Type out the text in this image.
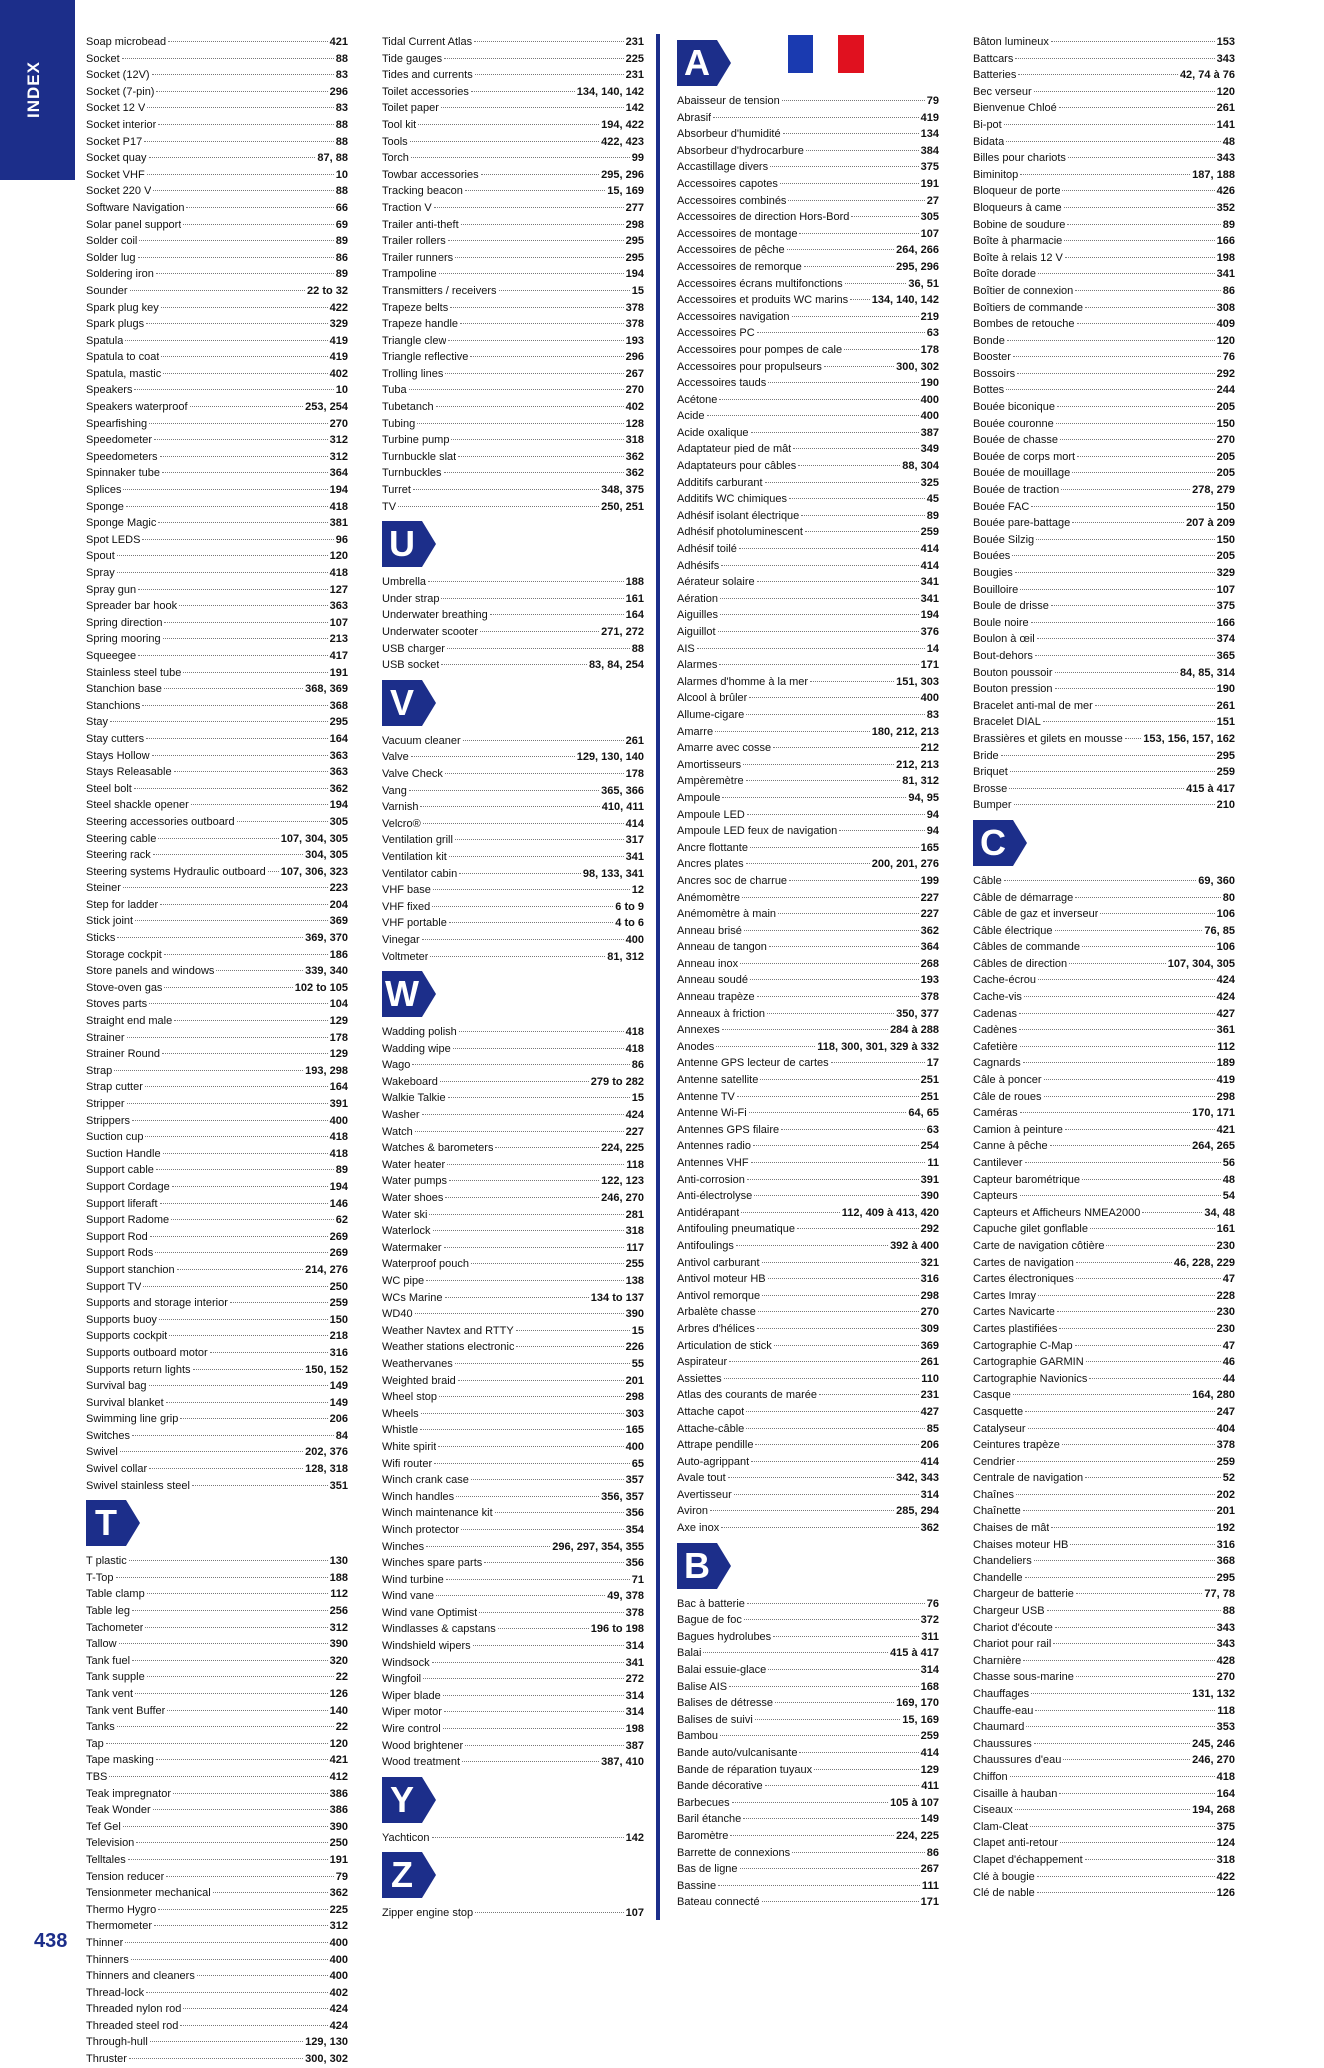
INDEX
Soap microbead	421
Socket	88
Socket (12V)	83
Socket (7-pin)	296
Socket 12 V	83
Socket interior	88
Socket P17	88
Socket quay	87, 88
Socket VHF	10
Socket 220 V	88
Software Navigation	66
Solar panel support	69
Solder coil	89
Solder lug	86
Soldering iron	89
Sounder	22 to 32
Spark plug key	422
Spark plugs	329
Spatula	419
Spatula to coat	419
Spatula, mastic	402
Speakers	10
Speakers waterproof	253, 254
Spearfishing	270
Speedometer	312
Speedometers	312
Spinnaker tube	364
Splices	194
Sponge	418
Sponge Magic	381
Spot LEDS	96
Spout	120
Spray	418
Spray gun	127
Spreader bar hook	363
Spring direction	107
Spring mooring	213
Squeegee	417
Stainless steel tube	191
Stanchion base	368, 369
Stanchions	368
Stay	295
Stay cutters	164
Stays Hollow	363
Stays Releasable	363
Steel bolt	362
Steel shackle opener	194
Steering accessories outboard	305
Steering cable	107, 304, 305
Steering rack	304, 305
Steering systems Hydraulic outboard 107, 306, 323
Steiner	223
Step for ladder	204
Stick joint	369
Sticks	369, 370
Storage cockpit	186
Store panels and windows	339, 340
Stove-oven gas	102 to 105
Stoves parts	104
Straight end male	129
Strainer	178
Strainer Round	129
Strap	193, 298
Strap cutter	164
Stripper	391
Strippers	400
Suction cup	418
Suction Handle	418
Support cable	89
Support Cordage	194
Support liferaft	146
Support Radome	62
Support Rod	269
Support Rods	269
Support stanchion	214, 276
Support TV	250
Supports and storage interior	259
Supports buoy	150
Supports cockpit	218
Supports outboard motor	316
Supports return lights	150, 152
Survival bag	149
Survival blanket	149
Swimming line grip	206
Switches	84
Swivel	202, 376
Swivel collar	128, 318
Swivel stainless steel	351
T
T plastic	130
T-Top	188
Table clamp	112
Table leg	256
Tachometer	312
Tallow	390
Tank fuel	320
Tank supple	22
Tank vent	126
Tank vent Buffer	140
Tanks	22
Tap	120
Tape masking	421
TBS	412
Teak impregnator	386
Teak Wonder	386
Tef Gel	390
Television	250
Telltales	191
Tension reducer	79
Tensionmeter mechanical	362
Thermo Hygro	225
Thermometer	312
Thinner	400
Thinners	400
Thinners and cleaners	400
Thread-lock	402
Threaded nylon rod	424
Threaded steel rod	424
Through-hull	129, 130
Thruster	300, 302
Tidal Current Atlas	231
Tide gauges	225
Tides and currents	231
Toilet accessories	134, 140, 142
Toilet paper	142
Tool kit	194, 422
Tools	422, 423
Torch	99
Towbar accessories	295, 296
Tracking beacon	15, 169
Traction V	277
Trailer anti-theft	298
Trailer rollers	295
Trailer runners	295
Trampoline	194
Transmitters / receivers	15
Trapeze belts	378
Trapeze handle	378
Triangle clew	193
Triangle reflective	296
Trolling lines	267
Tuba	270
Tubetanch	402
Tubing	128
Turbine pump	318
Turnbuckle slat	362
Turnbuckles	362
Turret	348, 375
TV	250, 251
U
Umbrella	188
Under strap	161
Underwater breathing	164
Underwater scooter	271, 272
USB charger	88
USB socket	83, 84, 254
V
Vacuum cleaner	261
Valve	129, 130, 140
Valve Check	178
Vang	365, 366
Varnish	410, 411
Velcro®	414
Ventilation grill	317
Ventilation kit	341
Ventilator cabin	98, 133, 341
VHF base	12
VHF fixed	6 to 9
VHF portable	4 to 6
Vinegar	400
Voltmeter	81, 312
W
Wadding polish	418
Wadding wipe	418
Wago	86
Wakeboard	279 to 282
Walkie Talkie	15
Washer	424
Watch	227
Watches & barometers	224, 225
Water heater	118
Water pumps	122, 123
Water shoes	246, 270
Water ski	281
Waterlock	318
Watermaker	117
Waterproof pouch	255
WC pipe	138
WCs Marine	134 to 137
WD40	390
Weather Navtex and RTTY	15
Weather stations electronic	226
Weathervanes	55
Weighted braid	201
Wheel stop	298
Wheels	303
Whistle	165
White spirit	400
Wifi router	65
Winch crank case	357
Winch handles	356, 357
Winch maintenance kit	356
Winch protector	354
Winches	296, 297, 354, 355
Winches spare parts	356
Wind turbine	71
Wind vane	49, 378
Wind vane Optimist	378
Windlasses & capstans	196 to 198
Windshield wipers	314
Windsock	341
Wingfoil	272
Wiper blade	314
Wiper motor	314
Wire control	198
Wood brightener	387
Wood treatment	387, 410
Y
Yachticon	142
Z
Zipper engine stop	107
A
Abaisseur de tension	79
Abrasif	419
Absorbeur d'humidité	134
Absorbeur d'hydrocarbure	384
Accastillage divers	375
Accessoires capotes	191
Accessoires combinés	27
Accessoires de direction Hors-Bord	305
Accessoires de montage	107
Accessoires de pêche	264, 266
Accessoires de remorque	295, 296
Accessoires écrans multifonctions	36, 51
Accessoires et produits WC marins 134, 140, 142
Accessoires navigation	219
Accessoires PC	63
Accessoires pour pompes de cale	178
Accessoires pour propulseurs	300, 302
Accessoires tauds	190
Acétone	400
Acide	400
Acide oxalique	387
Adaptateur pied de mât	349
Adaptateurs pour câbles	88, 304
Additifs carburant	325
Additifs WC chimiques	45
Adhésif isolant électrique	89
Adhésif photoluminescent	259
Adhésif toilé	414
Adhésifs	414
Aérateur solaire	341
Aération	341
Aiguilles	194
Aiguillot	376
AIS	14
Alarmes	171
Alarmes d'homme à la mer	151, 303
Alcool à brûler	400
Allume-cigare	83
Amarre	180, 212, 213
Amarre avec cosse	212
Amortisseurs	212, 213
Ampèremètre	81, 312
Ampoule	94, 95
Ampoule LED	94
Ampoule LED feux de navigation	94
Ancre flottante	165
Ancres plates	200, 201, 276
Ancres soc de charrue	199
Anémomètre	227
Anémomètre à main	227
Anneau brisé	362
Anneau de tangon	364
Anneau inox	268
Anneau soudé	193
Anneau trapèze	378
Anneaux à friction	350, 377
Annexes	284 à 288
Anodes	118, 300, 301, 329 à 332
Antenne GPS lecteur de cartes	17
Antenne satellite	251
Antenne TV	251
Antenne Wi-Fi	64, 65
Antennes GPS filaire	63
Antennes radio	254
Antennes VHF	11
Anti-corrosion	391
Anti-électrolyse	390
Antidérapant	112, 409 à 413, 420
Antifouling pneumatique	292
Antifoulings	392 à 400
Antivol carburant	321
Antivol moteur HB	316
Antivol remorque	298
Arbalète chasse	270
Arbres d'hélices	309
Articulation de stick	369
Aspirateur	261
Assiettes	110
Atlas des courants de marée	231
Attache capot	427
Attache-câble	85
Attrape pendille	206
Auto-agrippant	414
Avale tout	342, 343
Avertisseur	314
Aviron	285, 294
Axe inox	362
B
Bac à batterie	76
Bague de foc	372
Bagues hydrolubes	311
Balai	415 à 417
Balai essuie-glace	314
Balise AIS	168
Balises de détresse	169, 170
Balises de suivi	15, 169
Bambou	259
Bande auto/vulcanisante	414
Bande de réparation tuyaux	129
Bande décorative	411
Barbecues	105 à 107
Baril étanche	149
Baromètre	224, 225
Barrette de connexions	86
Bas de ligne	267
Bassine	111
Bateau connecté	171
Bâton lumineux	153
Battcars	343
Batteries	42, 74 à 76
Bec verseur	120
Bienvenue Chloé	261
Bi-pot	141
Bidata	48
Billes pour chariots	343
Biminitop	187, 188
Bloqueur de porte	426
Bloqueurs à came	352
Bobine de soudure	89
Boîte à pharmacie	166
Boîte à relais 12 V	198
Boîte dorade	341
Boîtier de connexion	86
Boîtiers de commande	308
Bombes de retouche	409
Bonde	120
Booster	76
Bossoirs	292
Bottes	244
Bouée biconique	205
Bouée couronne	150
Bouée de chasse	270
Bouée de corps mort	205
Bouée de mouillage	205
Bouée de traction	278, 279
Bouée FAC	150
Bouée pare-battage	207 à 209
Bouée Silzig	150
Bouées	205
Bougies	329
Bouilloire	107
Boule de drisse	375
Boule noire	166
Boulon à œil	374
Bout-dehors	365
Bouton poussoir	84, 85, 314
Bouton pression	190
Bracelet anti-mal de mer	261
Bracelet DIAL	151
Brassières et gilets en mousse 153, 156, 157, 162
Bride	295
Briquet	259
Brosse	415 à 417
Bumper	210
C
Câble	69, 360
Câble de démarrage	80
Câble de gaz et inverseur	106
Câble électrique	76, 85
Câbles de commande	106
Câbles de direction	107, 304, 305
Cache-écrou	424
Cache-vis	424
Cadenas	427
Cadènes	361
Cafetière	112
Cagnards	189
Câle à poncer	419
Câle de roues	298
Caméras	170, 171
Camion à peinture	421
Canne à pêche	264, 265
Cantilever	56
Capteur barométrique	48
Capteurs	54
Capteurs et Afficheurs NMEA2000	34, 48
Capuche gilet gonflable	161
Carte de navigation côtière	230
Cartes de navigation	46, 228, 229
Cartes électroniques	47
Cartes Imray	228
Cartes Navicarte	230
Cartes plastifiées	230
Cartographie C-Map	47
Cartographie GARMIN	46
Cartographie Navionics	44
Casque	164, 280
Casquette	247
Catalyseur	404
Ceintures trapèze	378
Cendrier	259
Centrale de navigation	52
Chaînes	202
Chaînette	201
Chaises de mât	192
Chaises moteur HB	316
Chandeliers	368
Chandelle	295
Chargeur de batterie	77, 78
Chargeur USB	88
Chariot d'écoute	343
Chariot pour rail	343
Charnière	428
Chasse sous-marine	270
Chauffages	131, 132
Chauffe-eau	118
Chaumard	353
Chaussures	245, 246
Chaussures d'eau	246, 270
Chiffon	418
Cisaille à hauban	164
Ciseaux	194, 268
Clam-Cleat	375
Clapet anti-retour	124
Clapet d'échappement	318
Clé à bougie	422
Clé de nable	126
438
